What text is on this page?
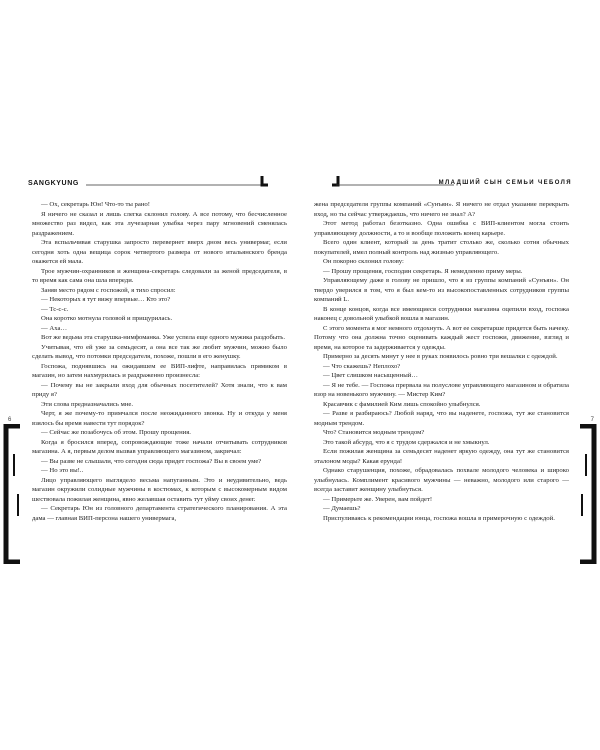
SANGKYUNG

— Ох, секретарь Юн! Что-то ты рано!

Я ничего не сказал и лишь слегка склонил голову. А все потому, что бесчисленное множество раз видел, как эта лучезарная улыбка через пару мгновений сменялась раздражением.

Эта вспыльчивая старушка запросто перевернет вверх дном весь универмаг, если сегодня хоть одна вещица сорок четвертого размера от нового итальянского бренда окажется ей мала.

Трое мужчин-охранников и женщина-секретарь следовали за женой председателя, в то время как сама она шла впереди.

Заняв место рядом с госпожой, я тихо спросил:

— Некоторых я тут вижу впервые… Кто это?

— Тс-с-с.

Она коротко мотнула головой и прищурилась.

— Аха…

Вот же ведьма эта старушка-нимфоманка. Уже успела еще одного мужика раздобыть.

Учитывая, что ей уже за семьдесят, а она все так же любит мужчин, можно было сделать вывод, что потомки председателя, похоже, пошли в его женушку.

Госпожа, поднявшись на ожидавшем ее ВИП-лифте, направилась прямиком в магазин, но затем нахмурилась и раздраженно произнесла:

— Почему вы не закрыли вход для обычных посетителей? Хотя знали, что к вам приду я?

Эти слова предназначались мне.

Черт, я же почему-то примчался после неожиданного звонка. Ну и откуда у меня взялось бы время навести тут порядок?

— Сейчас же позабочусь об этом. Прошу прощения.

Когда я бросился вперед, сопровождающие тоже начали отчитывать сотрудников магазина. А я, первым делом вызвав управляющего магазином, закричал:

— Вы разве не слышали, что сегодня сюда придет госпожа? Вы в своем уме?

— Но это вы!..

Лицо управляющего выглядело весьма напуганным. Это и неудивительно, ведь магазин окружили солидные мужчины в костюмах, к которым с высокомерным видом шествовала пожилая женщина, явно желавшая оставить тут уйму своих денег.

— Секретарь Юн из головного департамента стратегического планирования. А эта дама — главная ВИП-персона нашего универмага,

6
МЛАДШИЙ СЫН СЕМЬИ ЧЕБОЛЯ

жена председателя группы компаний «Сунъян». Я ничего не отдал указание перекрыть вход, но ты сейчас утверждаешь, что ничего не знал? А?

Этот метод работал безотказно. Одна ошибка с ВИП-клиентом могла стоить управляющему должности, а то и вообще положить конец карьере.

Всего один клиент, который за день тратит столько же, сколько сотня обычных покупателей, имел полный контроль над жизнью управляющего.

Он покорно склонил голову:

— Прошу прощения, господин секретарь. Я немедленно приму меры.

Управляющему даже в голову не пришло, что я из группы компаний «Сунъян». Он твердо уверился в том, что я был кем-то из высокопоставленных сотрудников группы компаний L.

В конце концов, когда все имеющиеся сотрудники магазина оцепили вход, госпожа наконец с довольной улыбкой вошла в магазин.

С этого момента я мог немного отдохнуть. А вот ее секретарше придется быть начеку. Потому что она должна точно оценивать каждый жест госпожи, движение, взгляд и время, на которое та задерживается у одежды.

Примерно за десять минут у нее в руках появилось ровно три вешалки с одеждой.

— Что скажешь? Неплохо?

— Цвет слишком насыщенный…

— Я не тебе. — Госпожа прервала на полуслове управляющего магазином и обратила взор на новенького мужчину. — Мистер Ким?

Красавчик с фамилией Ким лишь спокойно улыбнулся.

— Разве я разбираюсь? Любой наряд, что вы наденете, госпожа, тут же становится модным трендом.

Что? Становится модным трендом?

Это такой абсурд, что я с трудом сдержался и не хмыкнул.

Если пожилая женщина за семьдесят наденет яркую одежду, она тут же становится эталоном моды? Какая ерунда!

Однако старушенция, похоже, обрадовалась похвале молодого человека и широко улыбнулась. Комплимент красивого мужчины — неважно, молодого или старого — всегда заставит женщину улыбнуться.

— Примерьте же. Уверен, вам пойдет!

— Думаешь?

Приспуливаясь к рекомендации юнца, госпожа вошла в примерочную с одеждой.

7
